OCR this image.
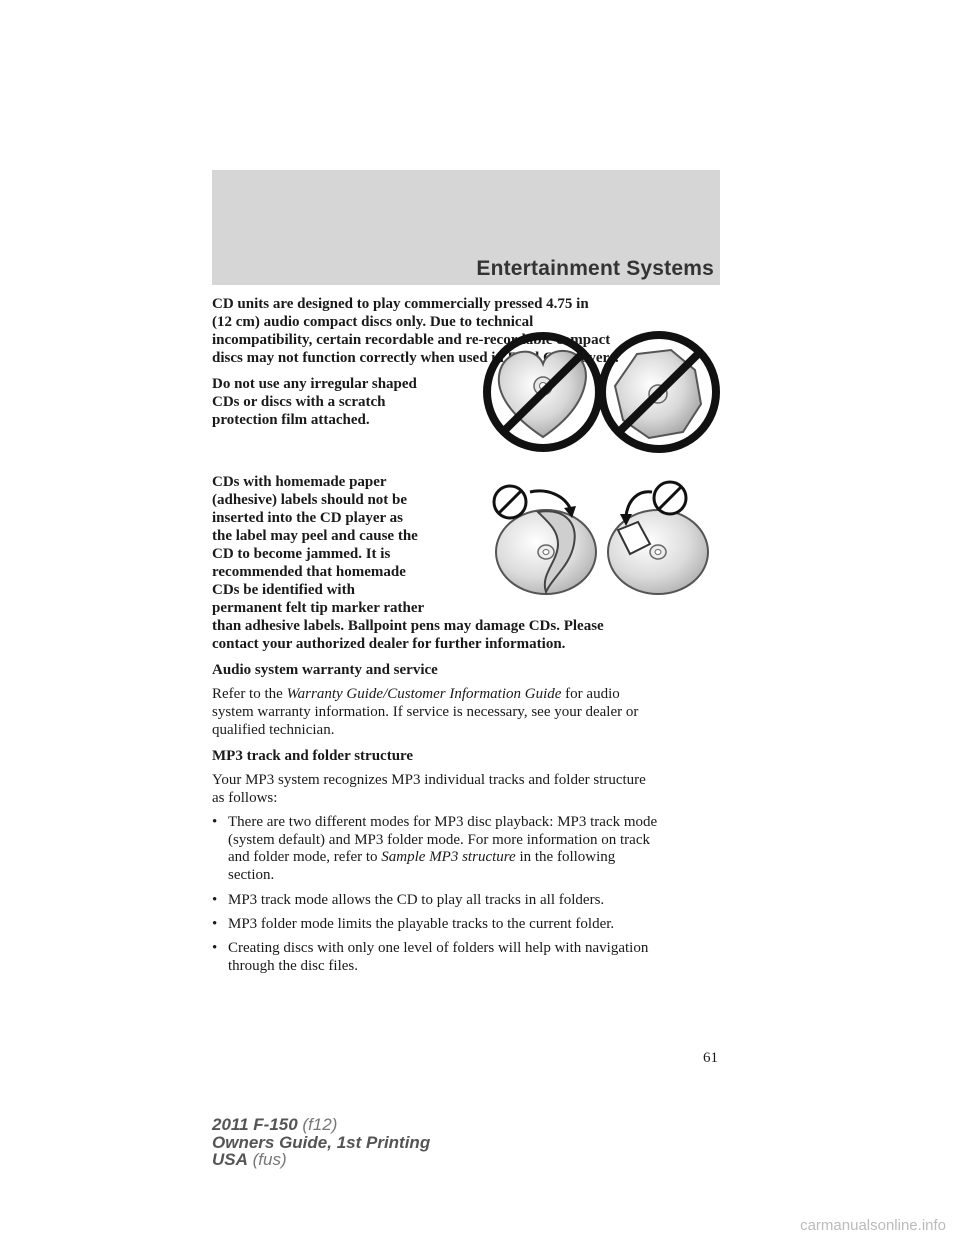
Entertainment Systems
CD units are designed to play commercially pressed 4.75 in
(12 cm) audio compact discs only. Due to technical
incompatibility, certain recordable and re-recordable compact
discs may not function correctly when used in Ford CD players.
Do not use any irregular shaped
CDs or discs with a scratch
protection film attached.
CDs with homemade paper
(adhesive) labels should not be
inserted into the CD player as
the label may peel and cause the
CD to become jammed. It is
recommended that homemade
CDs be identified with
permanent felt tip marker rather
than adhesive labels. Ballpoint pens may damage CDs. Please
contact your authorized dealer for further information.
Audio system warranty and service
Refer to the Warranty Guide/Customer Information Guide for audio
system warranty information. If service is necessary, see your dealer or
qualified technician.
MP3 track and folder structure
Your MP3 system recognizes MP3 individual tracks and folder structure
as follows:
• There are two different modes for MP3 disc playback: MP3 track mode
(system default) and MP3 folder mode. For more information on track
and folder mode, refer to Sample MP3 structure in the following
section.
• MP3 track mode allows the CD to play all tracks in all folders.
• MP3 folder mode limits the playable tracks to the current folder.
• Creating discs with only one level of folders will help with navigation
through the disc files.
61
2011 F-150 (f12)
Owners Guide, 1st Printing
USA (fus)
carmanualsonline.info
